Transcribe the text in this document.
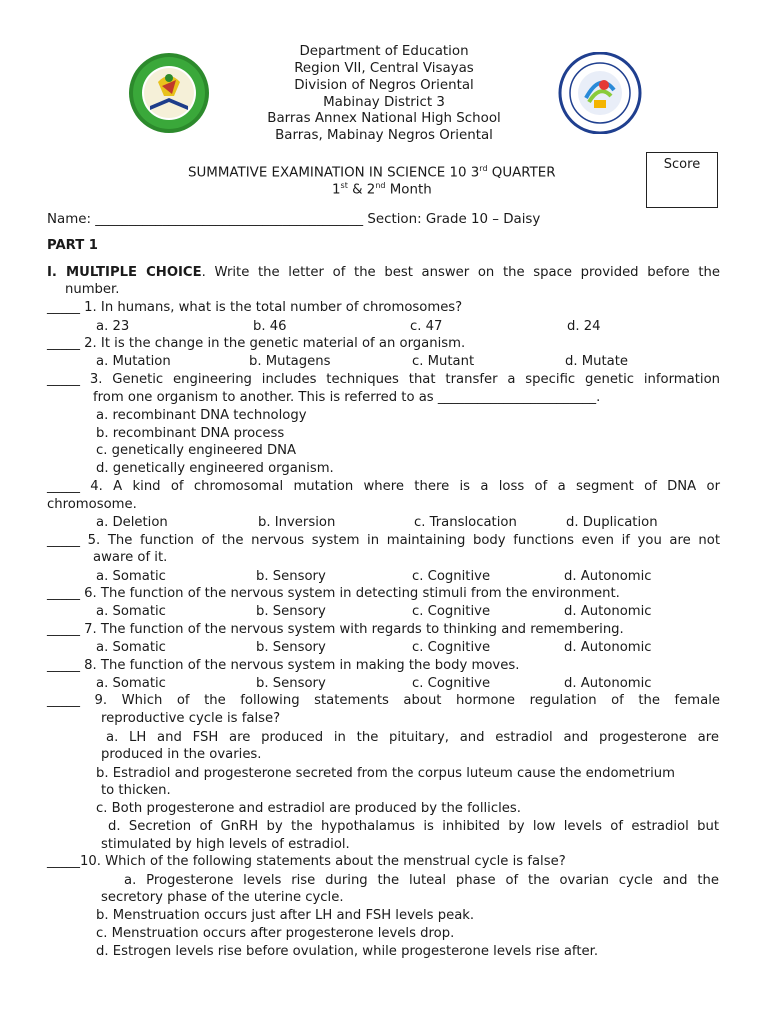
Department of Education
Region VII, Central Visayas
Division of Negros Oriental
Mabinay District 3
Barras Annex National High School
Barras, Mabinay Negros Oriental
SUMMATIVE EXAMINATION IN SCIENCE 10 3rd QUARTER
1st & 2nd Month
Score
Name: ________________________________________ Section: Grade 10 – Daisy
PART 1
I. MULTIPLE CHOICE. Write the letter of the best answer on the space provided before the
number.
_____ 1. In humans, what is the total number of chromosomes?
a. 23	b. 46	c. 47	d. 24
_____ 2. It is the change in the genetic material of an organism.
a. Mutation	b. Mutagens	c. Mutant	d. Mutate
_____ 3. Genetic engineering includes techniques that transfer a specific genetic information
from one organism to another. This is referred to as ________________________.
a. recombinant DNA technology
b. recombinant DNA process
c. genetically engineered DNA
d. genetically engineered organism.
_____ 4. A kind of chromosomal mutation where there is a loss of a segment of DNA or
chromosome.
a. Deletion	b. Inversion	c. Translocation	d. Duplication
_____ 5. The function of the nervous system in maintaining body functions even if you are not
aware of it.
a. Somatic	b. Sensory	c. Cognitive	d. Autonomic
_____ 6. The function of the nervous system in detecting stimuli from the environment.
a. Somatic	b. Sensory	c. Cognitive	d. Autonomic
_____ 7. The function of the nervous system with regards to thinking and remembering.
a. Somatic	b. Sensory	c. Cognitive	d. Autonomic
_____ 8. The function of the nervous system in making the body moves.
a. Somatic	b. Sensory	c. Cognitive	d. Autonomic
_____ 9. Which of the following statements about hormone regulation of the female
reproductive cycle is false?
a. LH and FSH are produced in the pituitary, and estradiol and progesterone are
produced in the ovaries.
b. Estradiol and progesterone secreted from the corpus luteum cause the endometrium
to thicken.
c. Both progesterone and estradiol are produced by the follicles.
d. Secretion of GnRH by the hypothalamus is inhibited by low levels of estradiol but
stimulated by high levels of estradiol.
_____10. Which of the following statements about the menstrual cycle is false?
a. Progesterone levels rise during the luteal phase of the ovarian cycle and the
secretory phase of the uterine cycle.
b. Menstruation occurs just after LH and FSH levels peak.
c. Menstruation occurs after progesterone levels drop.
d. Estrogen levels rise before ovulation, while progesterone levels rise after.
